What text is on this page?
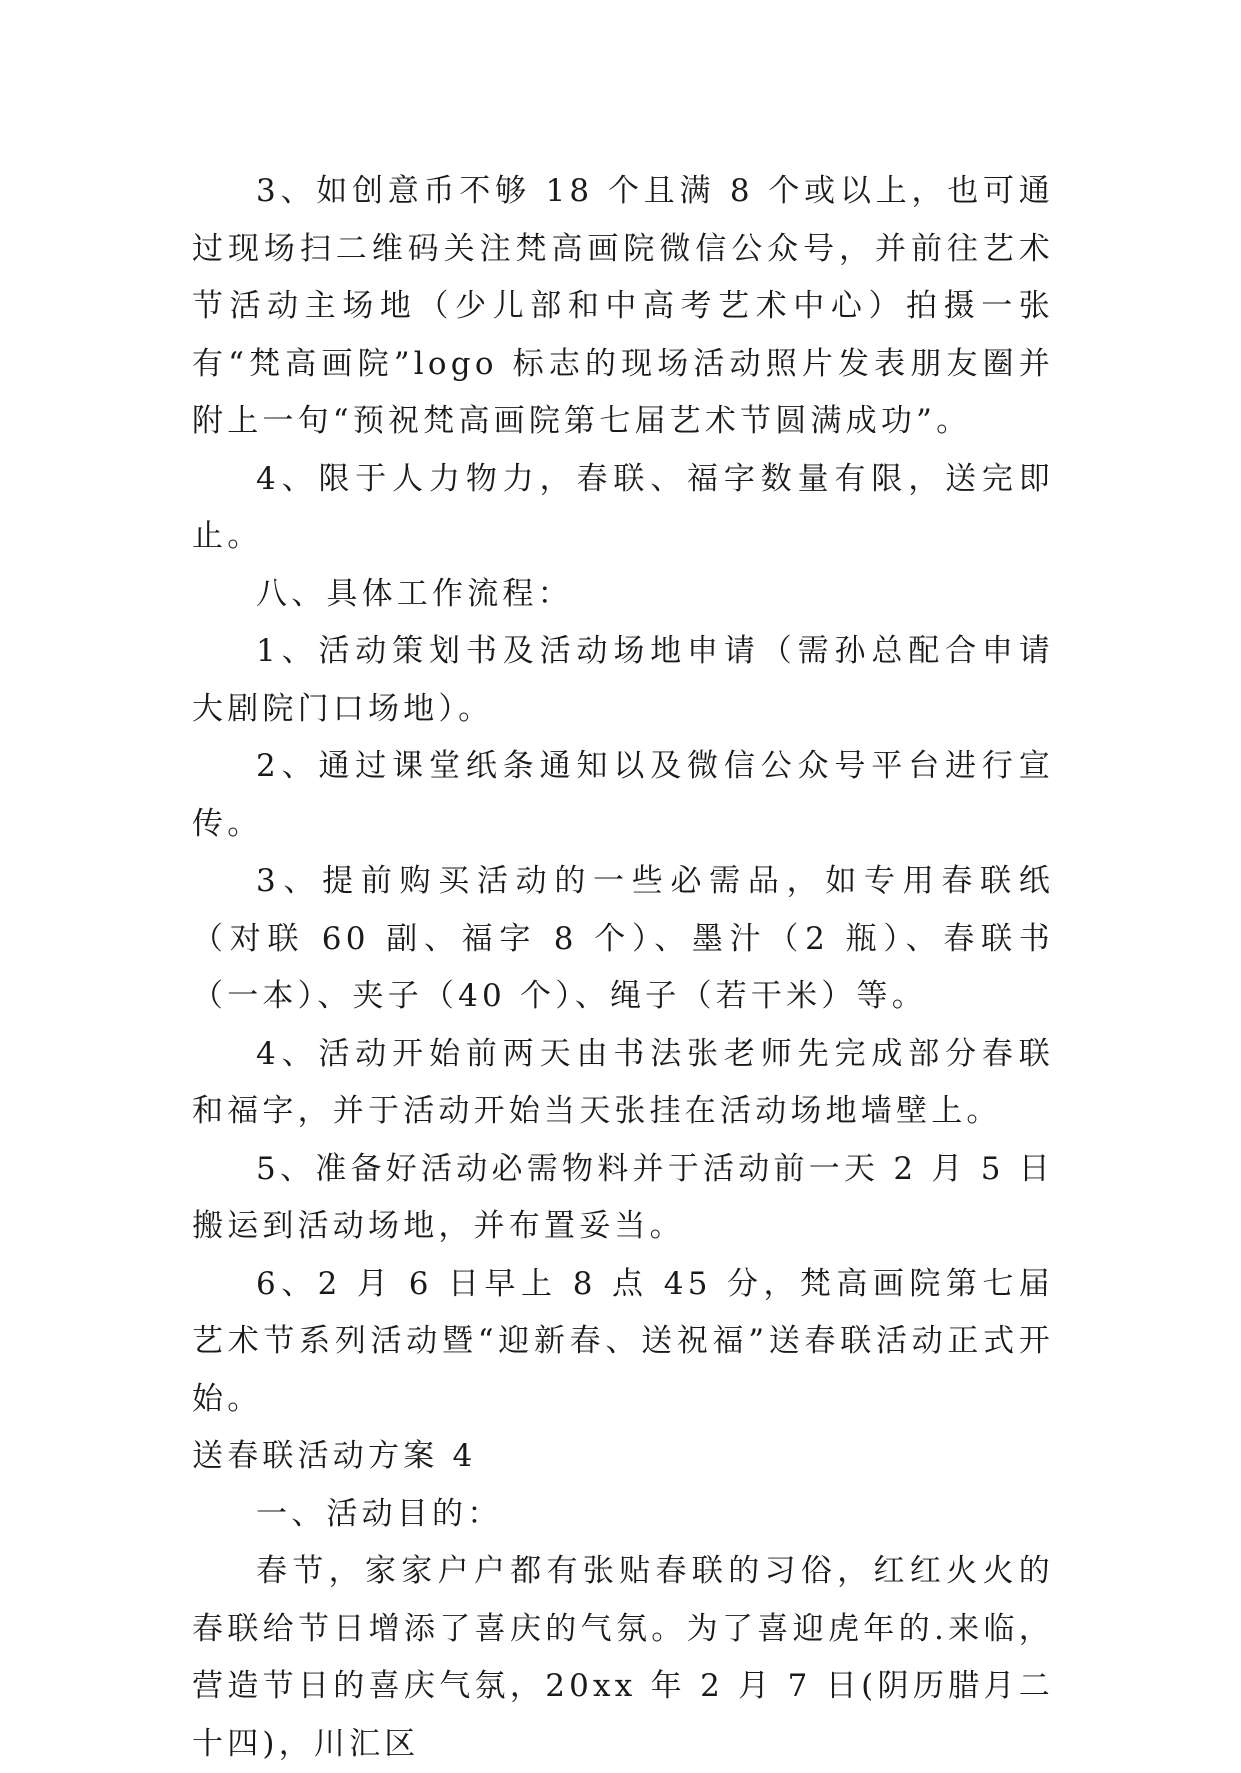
3、如创意币不够 18 个且满 8 个或以上，也可通过现场扫二维码关注梵高画院微信公众号，并前往艺术节活动主场地（少儿部和中高考艺术中心）拍摄一张有“梵高画院”logo 标志的现场活动照片发表朋友圈并附上一句“预祝梵高画院第七届艺术节圆满成功”。

4、限于人力物力，春联、福字数量有限，送完即止。

八、具体工作流程：

1、活动策划书及活动场地申请（需孙总配合申请大剧院门口场地）。

2、通过课堂纸条通知以及微信公众号平台进行宣传。

3、提前购买活动的一些必需品，如专用春联纸（对联 60 副、福字 8 个）、墨汁（2 瓶）、春联书（一本）、夹子（40 个）、绳子（若干米）等。

4、活动开始前两天由书法张老师先完成部分春联和福字，并于活动开始当天张挂在活动场地墙壁上。

5、准备好活动必需物料并于活动前一天 2 月 5 日搬运到活动场地，并布置妥当。

6、2 月 6 日早上 8 点 45 分，梵高画院第七届艺术节系列活动暨“迎新春、送祝福”送春联活动正式开始。

送春联活动方案 4

一、活动目的：

春节，家家户户都有张贴春联的习俗，红红火火的春联给节日增添了喜庆的气氛。为了喜迎虎年的.来临，营造节日的喜庆气氛，20xx 年 2 月 7 日(阴历腊月二十四)，川汇区
